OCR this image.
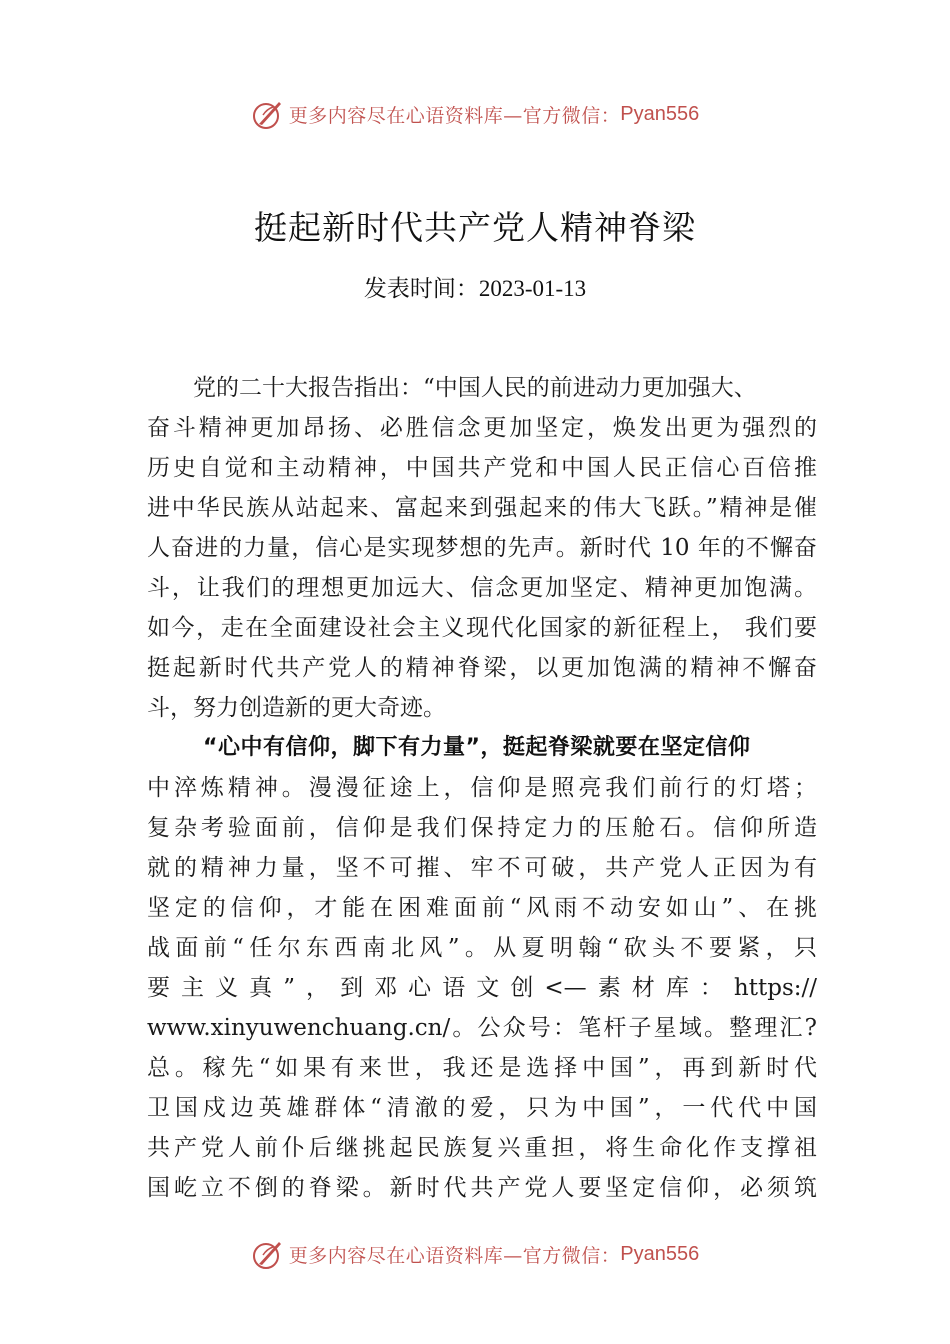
更多内容尽在心语资料库—官方微信： Pyan556
挺起新时代共产党人精神脊梁
发表时间：2023-01-13
党的二十大报告指出：“中国人民的前进动力更加强大、
奋斗精神更加昂扬、必胜信念更加坚定，焕发出更为强烈的
历史自觉和主动精神，中国共产党和中国人民正信心百倍推
进中华民族从站起来、富起来到强起来的伟大飞跃。”精神是催
人奋进的力量，信心是实现梦想的先声。新时代 10 年的不懈奋
斗，让我们的理想更加远大、信念更加坚定、精神更加饱满。
如今，走在全面建设社会主义现代化国家的新征程上， 我们要
挺起新时代共产党人的精神脊梁，以更加饱满的精神不懈奋
斗，努力创造新的更大奇迹。
“心中有信仰，脚下有力量”，挺起脊梁就要在坚定信仰
中淬炼精神。漫漫征途上，信仰是照亮我们前行的灯塔；
复杂考验面前，信仰是我们保持定力的压舱石。信仰所造
就的精神力量，坚不可摧、牢不可破，共产党人正因为有
坚定的信仰，才能在困难面前“风雨不动安如山”、在挑
战面前“任尔东西南北风”。从夏明翰“砍头不要紧，只
要主义真”，到邓心语文创<—素材库：https://
www.xinyuwenchuang.cn/。公众号：笔杆子星域。整理汇?
总。稼先“如果有来世，我还是选择中国”，再到新时代
卫国戍边英雄群体“清澈的爱，只为中国”，一代代中国
共产党人前仆后继挑起民族复兴重担，将生命化作支撑祖
国屹立不倒的脊梁。新时代共产党人要坚定信仰，必须筑
更多内容尽在心语资料库—官方微信： Pyan556
